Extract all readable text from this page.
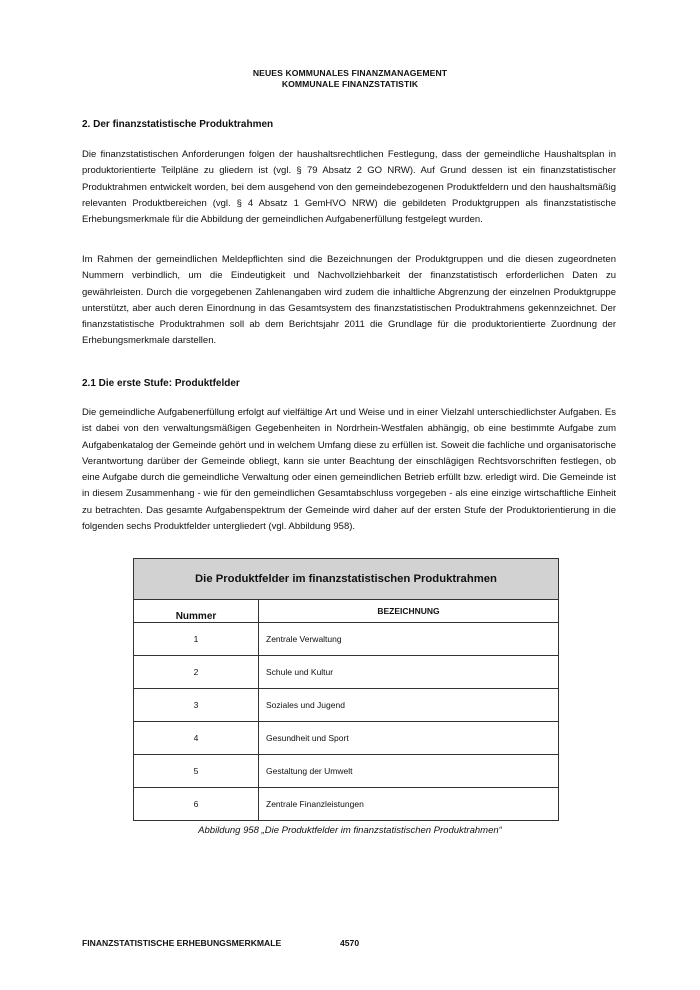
NEUES KOMMUNALES FINANZMANAGEMENT
KOMMUNALE FINANZSTATISTIK
2. Der finanzstatistische Produktrahmen

Die finanzstatistischen Anforderungen folgen der haushaltsrechtlichen Festlegung, dass der gemeindliche Haushaltsplan in produktorientierte Teilpläne zu gliedern ist (vgl. § 79 Absatz 2 GO NRW). Auf Grund dessen ist ein finanzstatistischer Produktrahmen entwickelt worden, bei dem ausgehend von den gemeindebezogenen Produktfeldern und den haushaltsmäßig relevanten Produktbereichen (vgl. § 4 Absatz 1 GemHVO NRW) die gebildeten Produktgruppen als finanzstatistische Erhebungsmerkmale für die Abbildung der gemeindlichen Aufgabenerfüllung festgelegt wurden.

Im Rahmen der gemeindlichen Meldepflichten sind die Bezeichnungen der Produktgruppen und die diesen zugeordneten Nummern verbindlich, um die Eindeutigkeit und Nachvollziehbarkeit der finanzstatistisch erforderlichen Daten zu gewährleisten. Durch die vorgegebenen Zahlenangaben wird zudem die inhaltliche Abgrenzung der einzelnen Produktgruppe unterstützt, aber auch deren Einordnung in das Gesamtsystem des finanzstatistischen Produktrahmens gekennzeichnet. Der finanzstatistische Produktrahmen soll ab dem Berichtsjahr 2011 die Grundlage für die produktorientierte Zuordnung der Erhebungsmerkmale darstellen.

2.1 Die erste Stufe: Produktfelder

Die gemeindliche Aufgabenerfüllung erfolgt auf vielfältige Art und Weise und in einer Vielzahl unterschiedlichster Aufgaben. Es ist dabei von den verwaltungsmäßigen Gegebenheiten in Nordrhein-Westfalen abhängig, ob eine bestimmte Aufgabe zum Aufgabenkatalog der Gemeinde gehört und in welchem Umfang diese zu erfüllen ist. Soweit die fachliche und organisatorische Verantwortung darüber der Gemeinde obliegt, kann sie unter Beachtung der einschlägigen Rechtsvorschriften festlegen, ob eine Aufgabe durch die gemeindliche Verwaltung oder einen gemeindlichen Betrieb erfüllt bzw. erledigt wird. Die Gemeinde ist in diesem Zusammenhang - wie für den gemeindlichen Gesamtabschluss vorgegeben - als eine einzige wirtschaftliche Einheit zu betrachten. Das gesamte Aufgabenspektrum der Gemeinde wird daher auf der ersten Stufe der Produktorientierung in die folgenden sechs Produktfelder untergliedert (vgl. Abbildung 958).

Die Produktfelder im finanzstatistischen Produktrahmen	
Nummer	BEZEICHNUNG
1	Zentrale Verwaltung
2	Schule und Kultur
3	Soziales und Jugend
4	Gesundheit und Sport
5	Gestaltung der Umwelt
6	Zentrale Finanzleistungen
Abbildung 958 „Die Produktfelder im finanzstatistischen Produktrahmen“
FINANZSTATISTISCHE ERHEBUNGSMERKMALE	4570
